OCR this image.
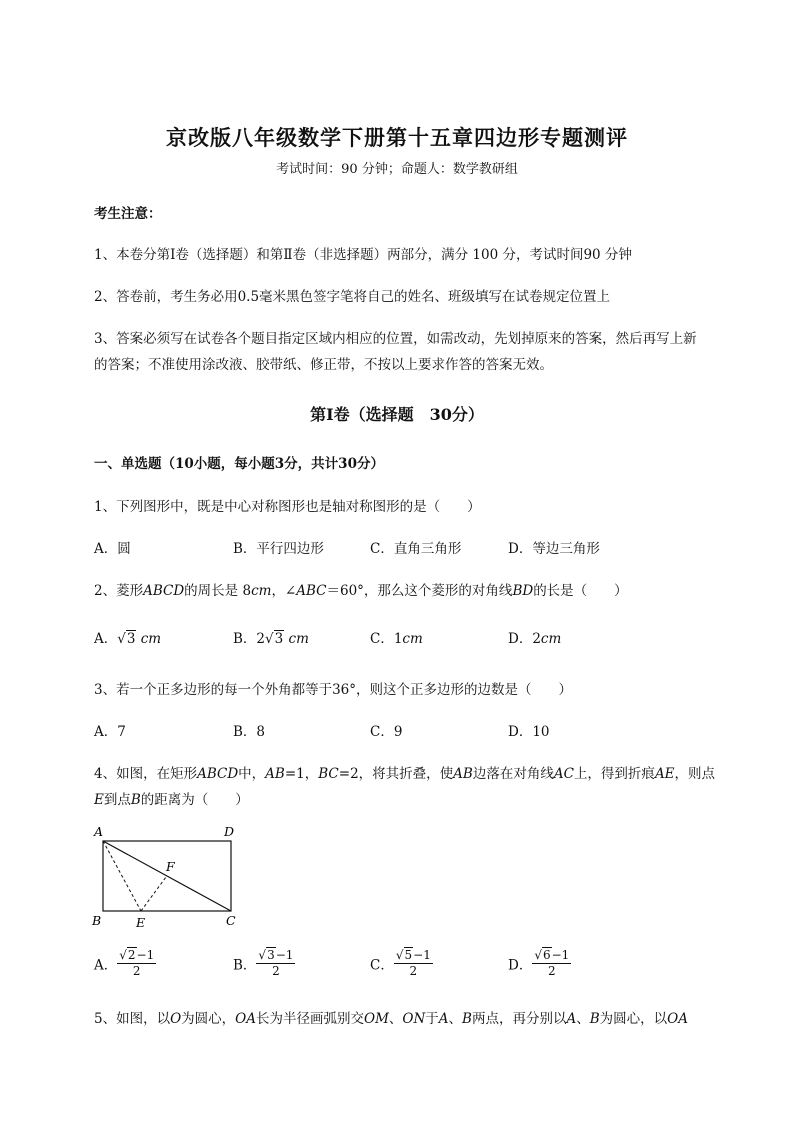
京改版八年级数学下册第十五章四边形专题测评
考试时间：90 分钟；命题人：数学教研组
考生注意：
1、本卷分第Ⅰ卷（选择题）和第Ⅱ卷（非选择题）两部分，满分 100 分，考试时间90 分钟
2、答卷前，考生务必用0.5毫米黑色签字笔将自己的姓名、班级填写在试卷规定位置上
3、答案必须写在试卷各个题目指定区域内相应的位置，如需改动，先划掉原来的答案，然后再写上新
的答案；不准使用涂改液、胶带纸、修正带，不按以上要求作答的答案无效。
第Ⅰ卷（选择题　30分）
一、单选题（10小题，每小题3分，共计30分）
1、下列图形中，既是中心对称图形也是轴对称图形的是（　　）
A．圆	B．平行四边形	C．直角三角形	D．等边三角形
2、菱形ABCD的周长是 8cm，∠ABC＝60°，那么这个菱形的对角线BD的长是（　　）
A．√3 cm	B．2√3 cm	C．1cm	D．2cm
3、若一个正多边形的每一个外角都等于36°，则这个正多边形的边数是（　　）
A．7	B．8	C．9	D．10
4、如图，在矩形ABCD中，AB=1，BC=2，将其折叠，使AB边落在对角线AC上，得到折痕AE，则点
E到点B的距离为（　　）
A	D
F
B	E	C
A． $\frac{√2-1}{2}$	B． $\frac{√3-1}{2}$	C． $\frac{√5-1}{2}$	D． $\frac{√6-1}{2}$
5、如图，以O为圆心，OA长为半径画弧别交OM、ON于A、B两点，再分别以A、B为圆心，以OA
